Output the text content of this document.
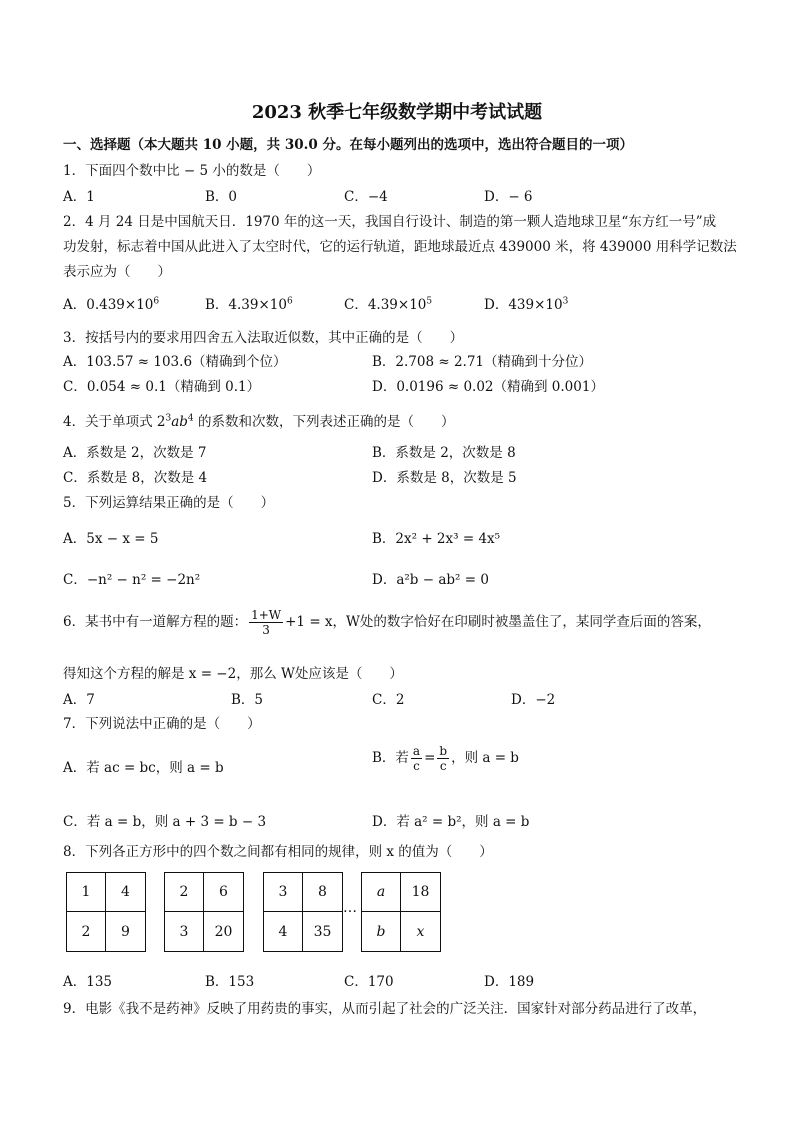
2023 秋季七年级数学期中考试试题
一、选择题（本大题共 10 小题，共 30.0 分。在每小题列出的选项中，选出符合题目的一项）
1．下面四个数中比 − 5 小的数是（　　）
A．1	B．0	C．−4	D．− 6
2．4 月 24 日是中国航天日．1970 年的这一天，我国自行设计、制造的第一颗人造地球卫星“东方红一号”成
功发射，标志着中国从此进入了太空时代，它的运行轨道，距地球最近点 439000 米，将 439000 用科学记数法
表示应为（　　）
A．$0.439\times 10^6$	B．$4.39\times 10^6$	C．$4.39\times 10^5$	D．$439\times 10^3$
3．按括号内的要求用四舍五入法取近似数，其中正确的是（　　）
A．103.57 ≈ 103.6（精确到个位）	B．2.708 ≈ 2.71（精确到十分位）
C．0.054 ≈ 0.1（精确到 0.1）	D．0.0196 ≈ 0.02（精确到 0.001）
4．关于单项式 $2^3ab^4$ 的系数和次数，下列表述正确的是（　　）
A．系数是 2，次数是 7	B．系数是 2，次数是 8
C．系数是 8，次数是 4	D．系数是 8，次数是 5
5．下列运算结果正确的是（　　）
A．5x − x = 5	B．2x² + 2x³ = 4x⁵
C．−n² − n² = −2n²	D．a²b − ab² = 0
6．某书中有一道解方程的题： $\frac{1+W}{3} +1 = x$，W处的数字恰好在印刷时被墨盖住了，某同学查后面的答案，
得知这个方程的解是 x = −2，那么 W处应该是（　　）
A．7	B．5	C．2	D．−2
7．下列说法中正确的是（　　）
A．若 ac = bc，则 a = b
B．若 $\frac{a}{c} = \frac{b}{c}$ ，则 a = b
C．若 a = b，则 a + 3 = b − 3	D．若 a² = b²，则 a = b
8．下列各正方形中的四个数之间都有相同的规律，则 x 的值为（　　）
1	4
2	9
2	6
3	20
3	8
4	35
…
a	18
b	x
A．135	B．153	C．170	D．189
9．电影《我不是药神》反映了用药贵的事实，从而引起了社会的广泛关注．国家针对部分药品进行了改革，
